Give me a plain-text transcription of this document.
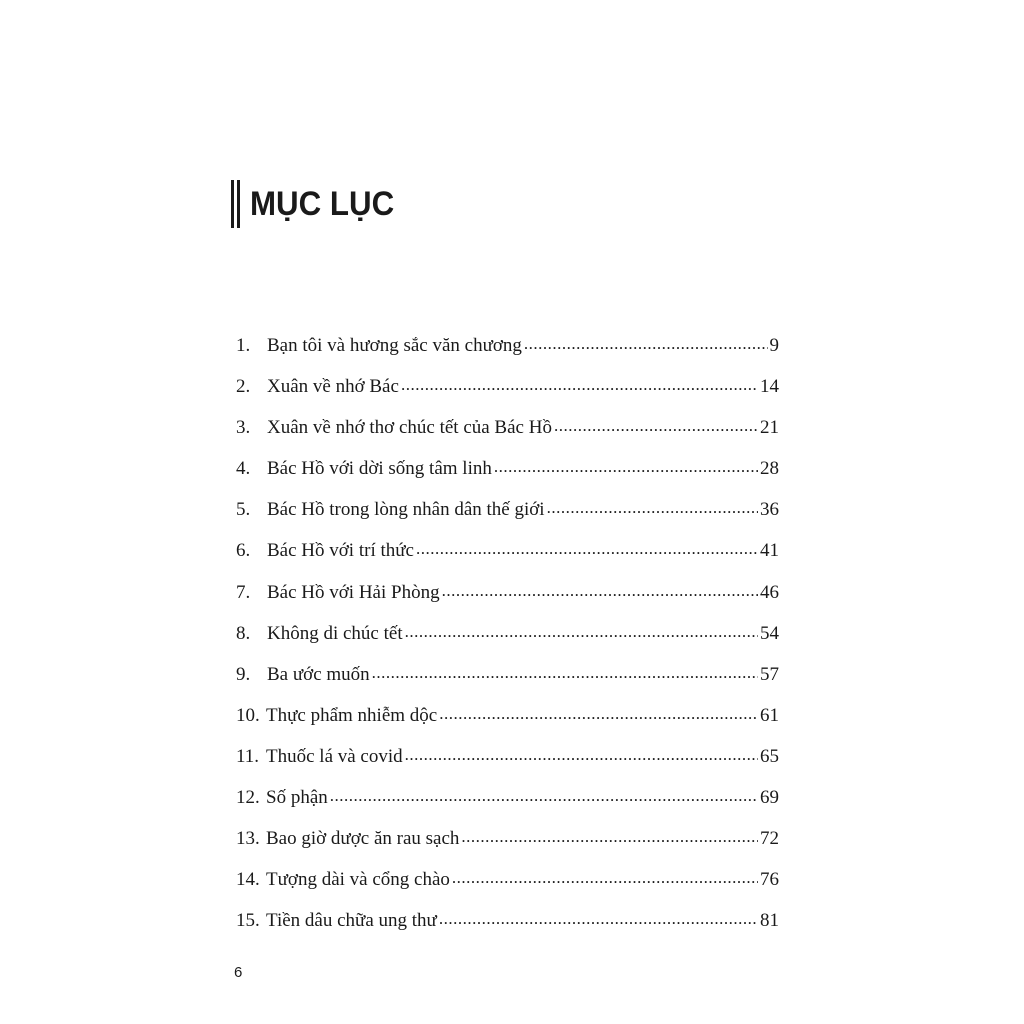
MỤC LỤC
1. Bạn tôi và hương sắc văn chương .....	9
2. Xuân về nhớ Bác .....	14
3. Xuân về nhớ thơ chúc tết của Bác Hồ .....	21
4. Bác Hồ với dời sống tâm linh .....	28
5. Bác Hồ trong lòng nhân dân thế giới .....	36
6. Bác Hồ với trí thức .....	41
7. Bác Hồ với Hải Phòng .....	46
8. Không di chúc tết .....	54
9. Ba ước muốn .....	57
10. Thực phẩm nhiễm dộc .....	61
11. Thuốc lá và covid .....	65
12. Số phận .....	69
13. Bao giờ dược ăn rau sạch .....	72
14. Tượng dài và cổng chào .....	76
15. Tiền dâu chữa ung thư .....	81
6
